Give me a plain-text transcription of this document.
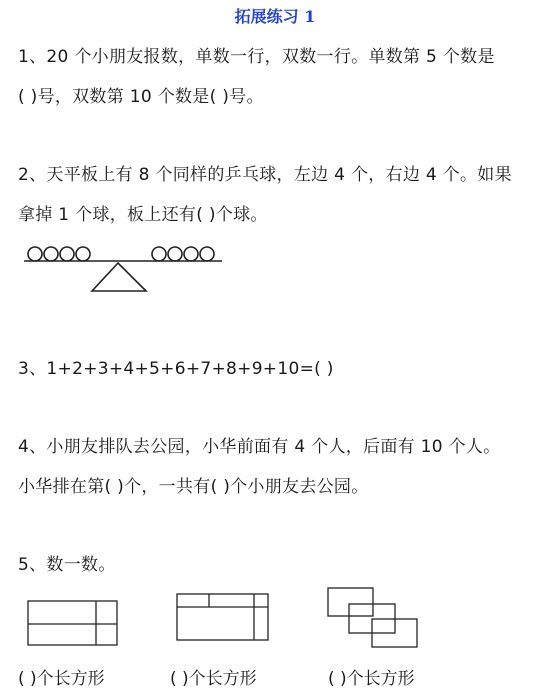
拓展练习 1
1、20 个小朋友报数，单数一行，双数一行。单数第 5 个数是
( )号，双数第 10 个数是( )号。
2、天平板上有 8 个同样的乒乓球，左边 4 个，右边 4 个。如果
拿掉 1 个球，板上还有( )个球。
3、1+2+3+4+5+6+7+8+9+10=( )
4、小朋友排队去公园，小华前面有 4 个人，后面有 10 个人。
小华排在第( )个，一共有( )个小朋友去公园。
5、数一数。
( )个长方形	( )个长方形	( )个长方形
